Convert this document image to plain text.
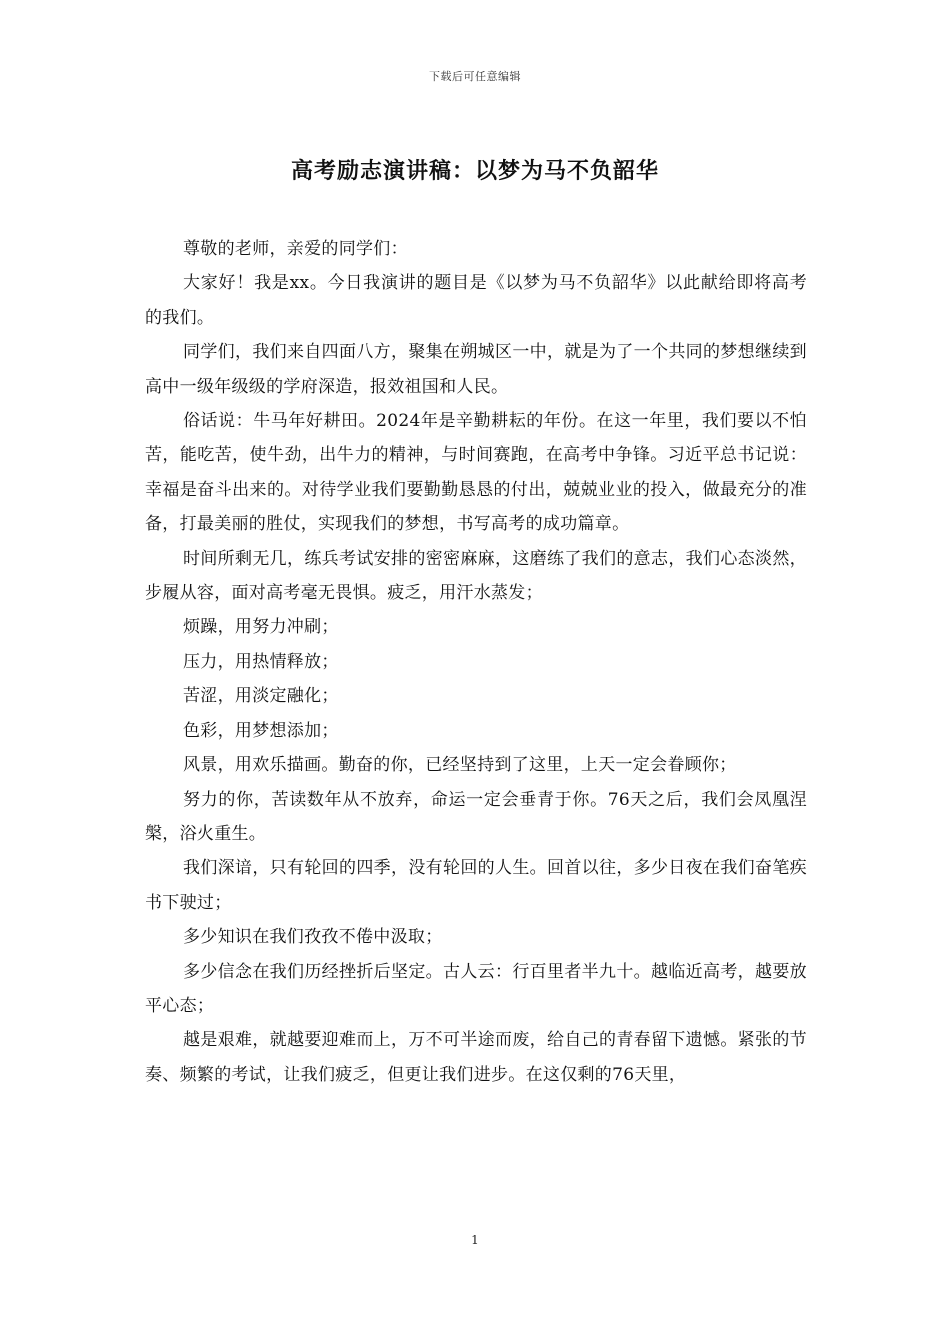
下载后可任意编辑
高考励志演讲稿：以梦为马不负韶华

尊敬的老师，亲爱的同学们：

大家好！我是xx。今日我演讲的题目是《以梦为马不负韶华》以此献给即将高考的我们。

同学们，我们来自四面八方，聚集在朔城区一中，就是为了一个共同的梦想继续到高中一级年级级的学府深造，报效祖国和人民。

俗话说：牛马年好耕田。2024年是辛勤耕耘的年份。在这一年里，我们要以不怕苦，能吃苦，使牛劲，出牛力的精神，与时间赛跑，在高考中争锋。习近平总书记说：幸福是奋斗出来的。对待学业我们要勤勤恳恳的付出，兢兢业业的投入，做最充分的准备，打最美丽的胜仗，实现我们的梦想，书写高考的成功篇章。

时间所剩无几，练兵考试安排的密密麻麻，这磨练了我们的意志，我们心态淡然，步履从容，面对高考毫无畏惧。疲乏，用汗水蒸发；

烦躁，用努力冲刷；

压力，用热情释放；

苦涩，用淡定融化；

色彩，用梦想添加；

风景，用欢乐描画。勤奋的你，已经坚持到了这里，上天一定会眷顾你；

努力的你，苦读数年从不放弃，命运一定会垂青于你。76天之后，我们会凤凰涅槃，浴火重生。

我们深谙，只有轮回的四季，没有轮回的人生。回首以往，多少日夜在我们奋笔疾书下驶过；

多少知识在我们孜孜不倦中汲取；

多少信念在我们历经挫折后坚定。古人云：行百里者半九十。越临近高考，越要放平心态；

越是艰难，就越要迎难而上，万不可半途而废，给自己的青春留下遗憾。紧张的节奏、频繁的考试，让我们疲乏，但更让我们进步。在这仅剩的76天里，

1
